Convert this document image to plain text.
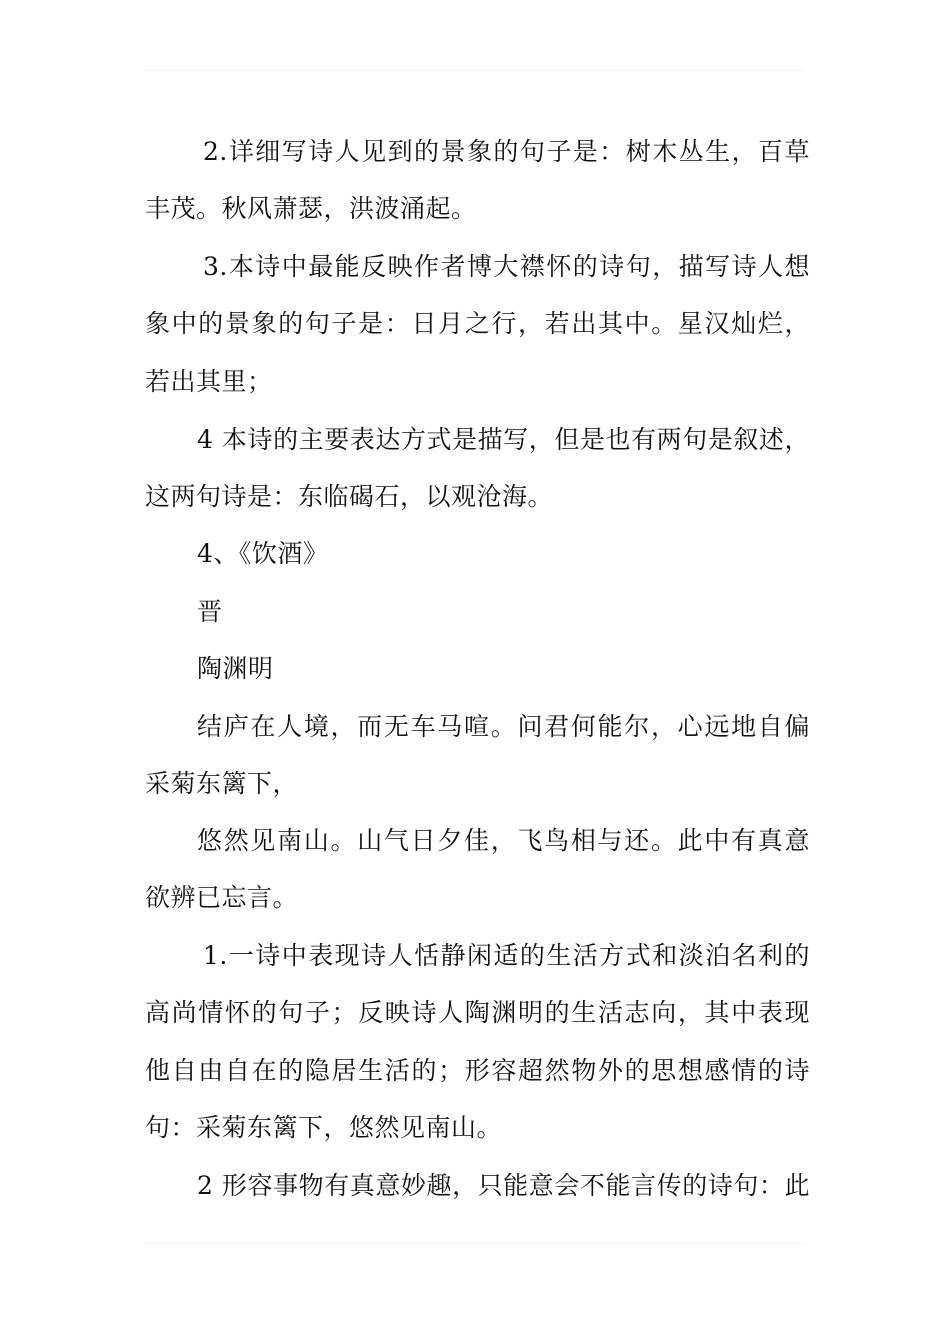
2.详细写诗人见到的景象的句子是：树木丛生，百草
丰茂。秋风萧瑟，洪波涌起。
3.本诗中最能反映作者博大襟怀的诗句，描写诗人想
象中的景象的句子是：日月之行，若出其中。星汉灿烂，
若出其里；
4 本诗的主要表达方式是描写，但是也有两句是叙述，
这两句诗是：东临碣石，以观沧海。
4、《饮酒》
晋
陶渊明
结庐在人境，而无车马喧。问君何能尔，心远地自偏
采菊东篱下，
悠然见南山。山气日夕佳，飞鸟相与还。此中有真意
欲辨已忘言。
1.一诗中表现诗人恬静闲适的生活方式和淡泊名利的
高尚情怀的句子；反映诗人陶渊明的生活志向，其中表现
他自由自在的隐居生活的；形容超然物外的思想感情的诗
句：采菊东篱下，悠然见南山。
2 形容事物有真意妙趣，只能意会不能言传的诗句：此
